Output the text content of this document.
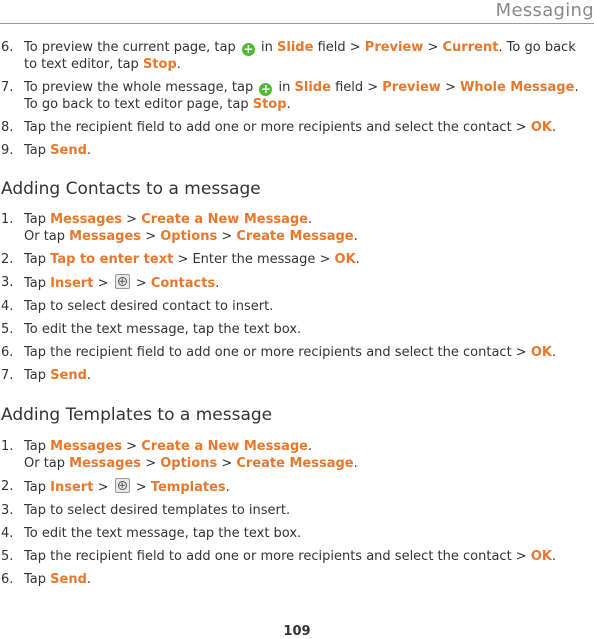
Messaging
6. To preview the current page, tap + in Slide field > Preview > Current. To go back to text editor, tap Stop.
7. To preview the whole message, tap + in Slide field > Preview > Whole Message. To go back to text editor page, tap Stop.
8. Tap the recipient field to add one or more recipients and select the contact > OK.
9. Tap Send.
Adding Contacts to a message
1. Tap Messages > Create a New Message.
Or tap Messages > Options > Create Message.
2. Tap Tap to enter text > Enter the message > OK.
3. Tap Insert > + > Contacts.
4. Tap to select desired contact to insert.
5. To edit the text message, tap the text box.
6. Tap the recipient field to add one or more recipients and select the contact > OK.
7. Tap Send.
Adding Templates to a message
1. Tap Messages > Create a New Message.
Or tap Messages > Options > Create Message.
2. Tap Insert > + > Templates.
3. Tap to select desired templates to insert.
4. To edit the text message, tap the text box.
5. Tap the recipient field to add one or more recipients and select the contact > OK.
6. Tap Send.
109
